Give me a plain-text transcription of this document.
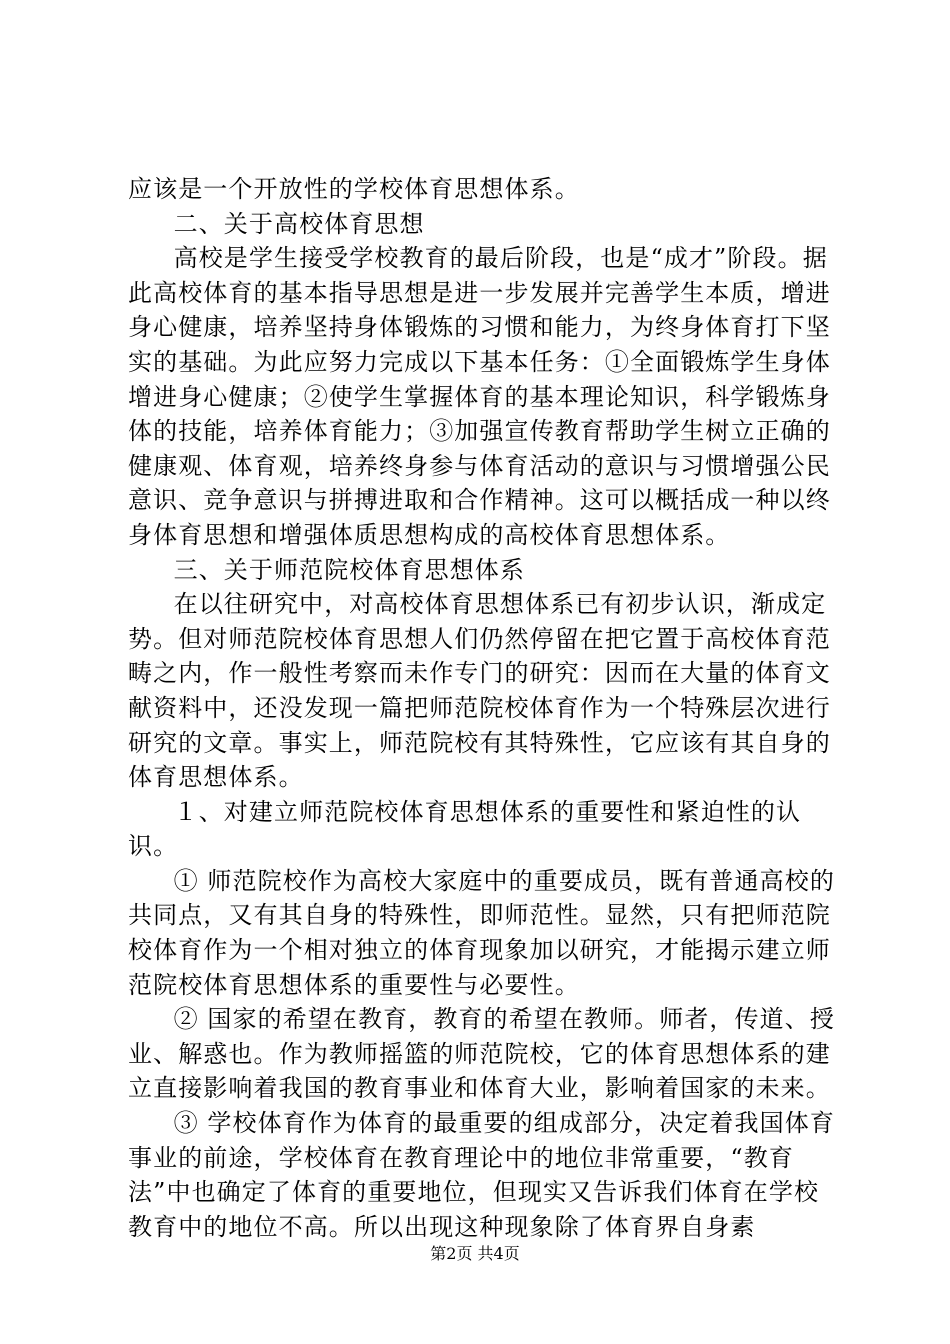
应该是一个开放性的学校体育思想体系。

二、关于高校体育思想

高校是学生接受学校教育的最后阶段，也是“成才”阶段。据此高校体育的基本指导思想是进一步发展并完善学生本质，增进身心健康，培养坚持身体锻炼的习惯和能力，为终身体育打下坚实的基础。为此应努力完成以下基本任务：①全面锻炼学生身体增进身心健康；②使学生掌握体育的基本理论知识，科学锻炼身体的技能，培养体育能力；③加强宣传教育帮助学生树立正确的健康观、体育观，培养终身参与体育活动的意识与习惯增强公民意识、竞争意识与拼搏进取和合作精神。这可以概括成一种以终身体育思想和增强体质思想构成的高校体育思想体系。

三、关于师范院校体育思想体系

在以往研究中，对高校体育思想体系已有初步认识，渐成定势。但对师范院校体育思想人们仍然停留在把它置于高校体育范畴之内，作一般性考察而未作专门的研究：因而在大量的体育文献资料中，还没发现一篇把师范院校体育作为一个特殊层次进行研究的文章。事实上，师范院校有其特殊性，它应该有其自身的体育思想体系。

１、对建立师范院校体育思想体系的重要性和紧迫性的认识。

① 师范院校作为高校大家庭中的重要成员，既有普通高校的共同点，又有其自身的特殊性，即师范性。显然，只有把师范院校体育作为一个相对独立的体育现象加以研究，才能揭示建立师范院校体育思想体系的重要性与必要性。

② 国家的希望在教育，教育的希望在教师。师者，传道、授业、解惑也。作为教师摇篮的师范院校，它的体育思想体系的建立直接影响着我国的教育事业和体育大业，影响着国家的未来。

③ 学校体育作为体育的最重要的组成部分，决定着我国体育事业的前途，学校体育在教育理论中的地位非常重要，“教育法”中也确定了体育的重要地位，但现实又告诉我们体育在学校教育中的地位不高。所以出现这种现象除了体育界自身素

第2页 共4页
